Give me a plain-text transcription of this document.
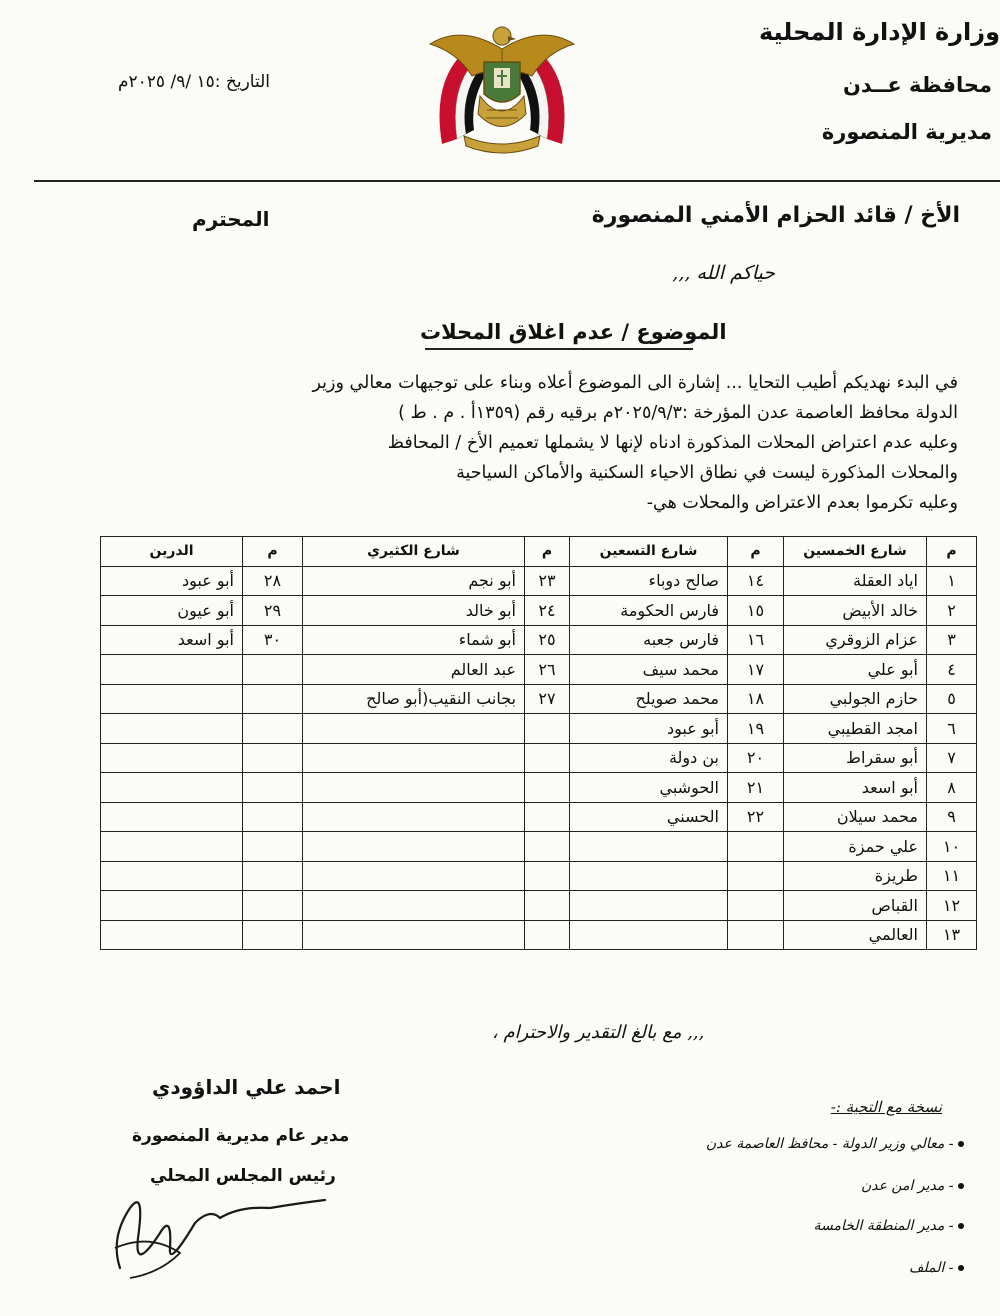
وزارة الإدارة المحلية
محافظة عــدن
مديرية المنصورة
التاريخ :١٥ /٩/ ٢٠٢٥م
الأخ / قائد الحزام الأمني المنصورة
المحترم
حياكم الله ,,,
الموضوع / عدم اغلاق المحلات
في البدء نهديكم أطيب التحايا ... إشارة الى الموضوع أعلاه وبناء على توجيهات معالي وزير
الدولة محافظ العاصمة عدن المؤرخة :٢٠٢٥/٩/٣م برقيه رقم (١٣٥٩أ . م . ط )
وعليه عدم اعتراض المحلات المذكورة ادناه لإنها لا يشملها تعميم الأخ / المحافظ
والمحلات المذكورة ليست في نطاق الاحياء السكنية والأماكن السياحية
وعليه تكرموا بعدم الاعتراض والمحلات هي-
م	شارع الخمسين	م	شارع التسعين	م	شارع الكثيري	م	الدرين
١	اياد العقلة	١٤	صالح دوباء	٢٣	أبو نجم	٢٨	أبو عبود
٢	خالد الأبيض	١٥	فارس الحكومة	٢٤	أبو خالد	٢٩	أبو عيون
٣	عزام الزوقري	١٦	فارس جعبه	٢٥	أبو شماء	٣٠	أبو اسعد
٤	أبو علي	١٧	محمد سيف	٢٦	عبد العالم		
٥	حازم الجولبي	١٨	محمد صويلح	٢٧	بجانب النقيب(أبو صالح		
٦	امجد القطيبي	١٩	أبو عبود				
٧	أبو سقراط	٢٠	بن دولة				
٨	أبو اسعد	٢١	الحوشبي				
٩	محمد سيلان	٢٢	الحسني				
١٠	علي حمزة						
١١	طريزة						
١٢	القباص						
١٣	العالمي						
,,, مع بالغ التقدير والاحترام ،
احمد علي الداؤودي
مدير عام مديرية المنصورة
رئيس المجلس المحلي
نسخة مع التحية :-
- معالي وزير الدولة - محافظ العاصمة عدن
- مدير امن عدن
- مدير المنطقة الخامسة
- الملف
